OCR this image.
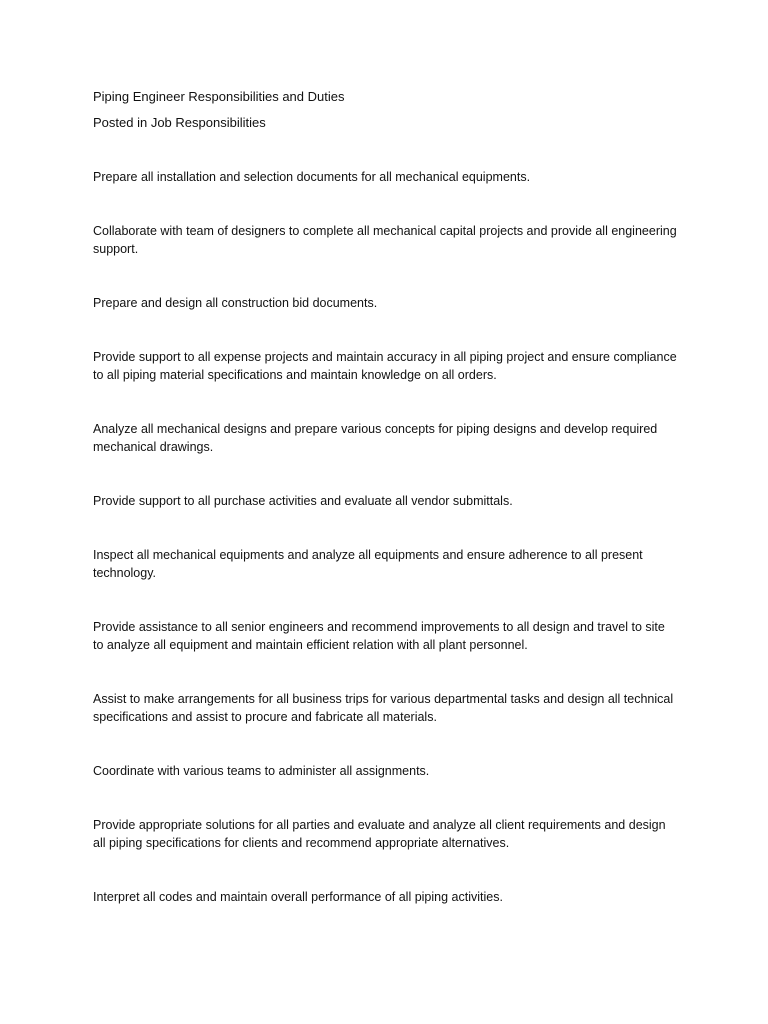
Piping Engineer Responsibilities and Duties
Posted in Job Responsibilities
Prepare all installation and selection documents for all mechanical equipments.
Collaborate with team of designers to complete all mechanical capital projects and provide all engineering support.
Prepare and design all construction bid documents.
Provide support to all expense projects and maintain accuracy in all piping project and ensure compliance to all piping material specifications and maintain knowledge on all orders.
Analyze all mechanical designs and prepare various concepts for piping designs and develop required mechanical drawings.
Provide support to all purchase activities and evaluate all vendor submittals.
Inspect all mechanical equipments and analyze all equipments and ensure adherence to all present technology.
Provide assistance to all senior engineers and recommend improvements to all design and travel to site to analyze all equipment and maintain efficient relation with all plant personnel.
Assist to make arrangements for all business trips for various departmental tasks and design all technical specifications and assist to procure and fabricate all materials.
Coordinate with various teams to administer all assignments.
Provide appropriate solutions for all parties and evaluate and analyze all client requirements and design all piping specifications for clients and recommend appropriate alternatives.
Interpret all codes and maintain overall performance of all piping activities.
